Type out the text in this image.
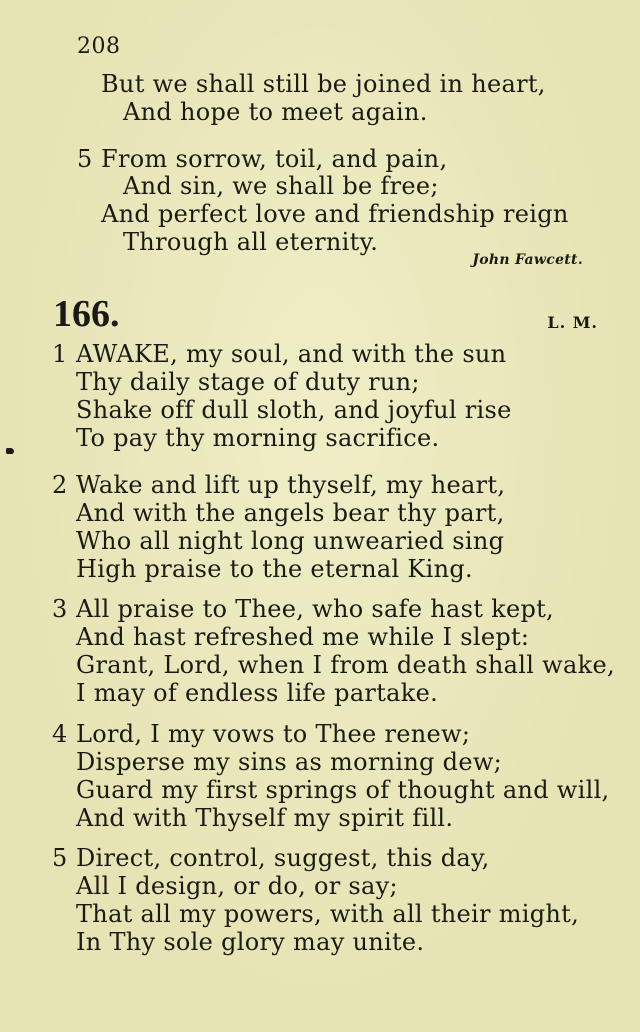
208
But we shall still be joined in heart,
And hope to meet again.
5 From sorrow, toil, and pain,
And sin, we shall be free;
And perfect love and friendship reign
Through all eternity.
John Fawcett.
166.	L. M.
1 AWAKE, my soul, and with the sun
Thy daily stage of duty run;
Shake off dull sloth, and joyful rise
To pay thy morning sacrifice.
2 Wake and lift up thyself, my heart,
And with the angels bear thy part,
Who all night long unwearied sing
High praise to the eternal King.
3 All praise to Thee, who safe hast kept,
And hast refreshed me while I slept:
Grant, Lord, when I from death shall wake,
I may of endless life partake.
4 Lord, I my vows to Thee renew;
Disperse my sins as morning dew;
Guard my first springs of thought and will,
And with Thyself my spirit fill.
5 Direct, control, suggest, this day,
All I design, or do, or say;
That all my powers, with all their might,
In Thy sole glory may unite.
